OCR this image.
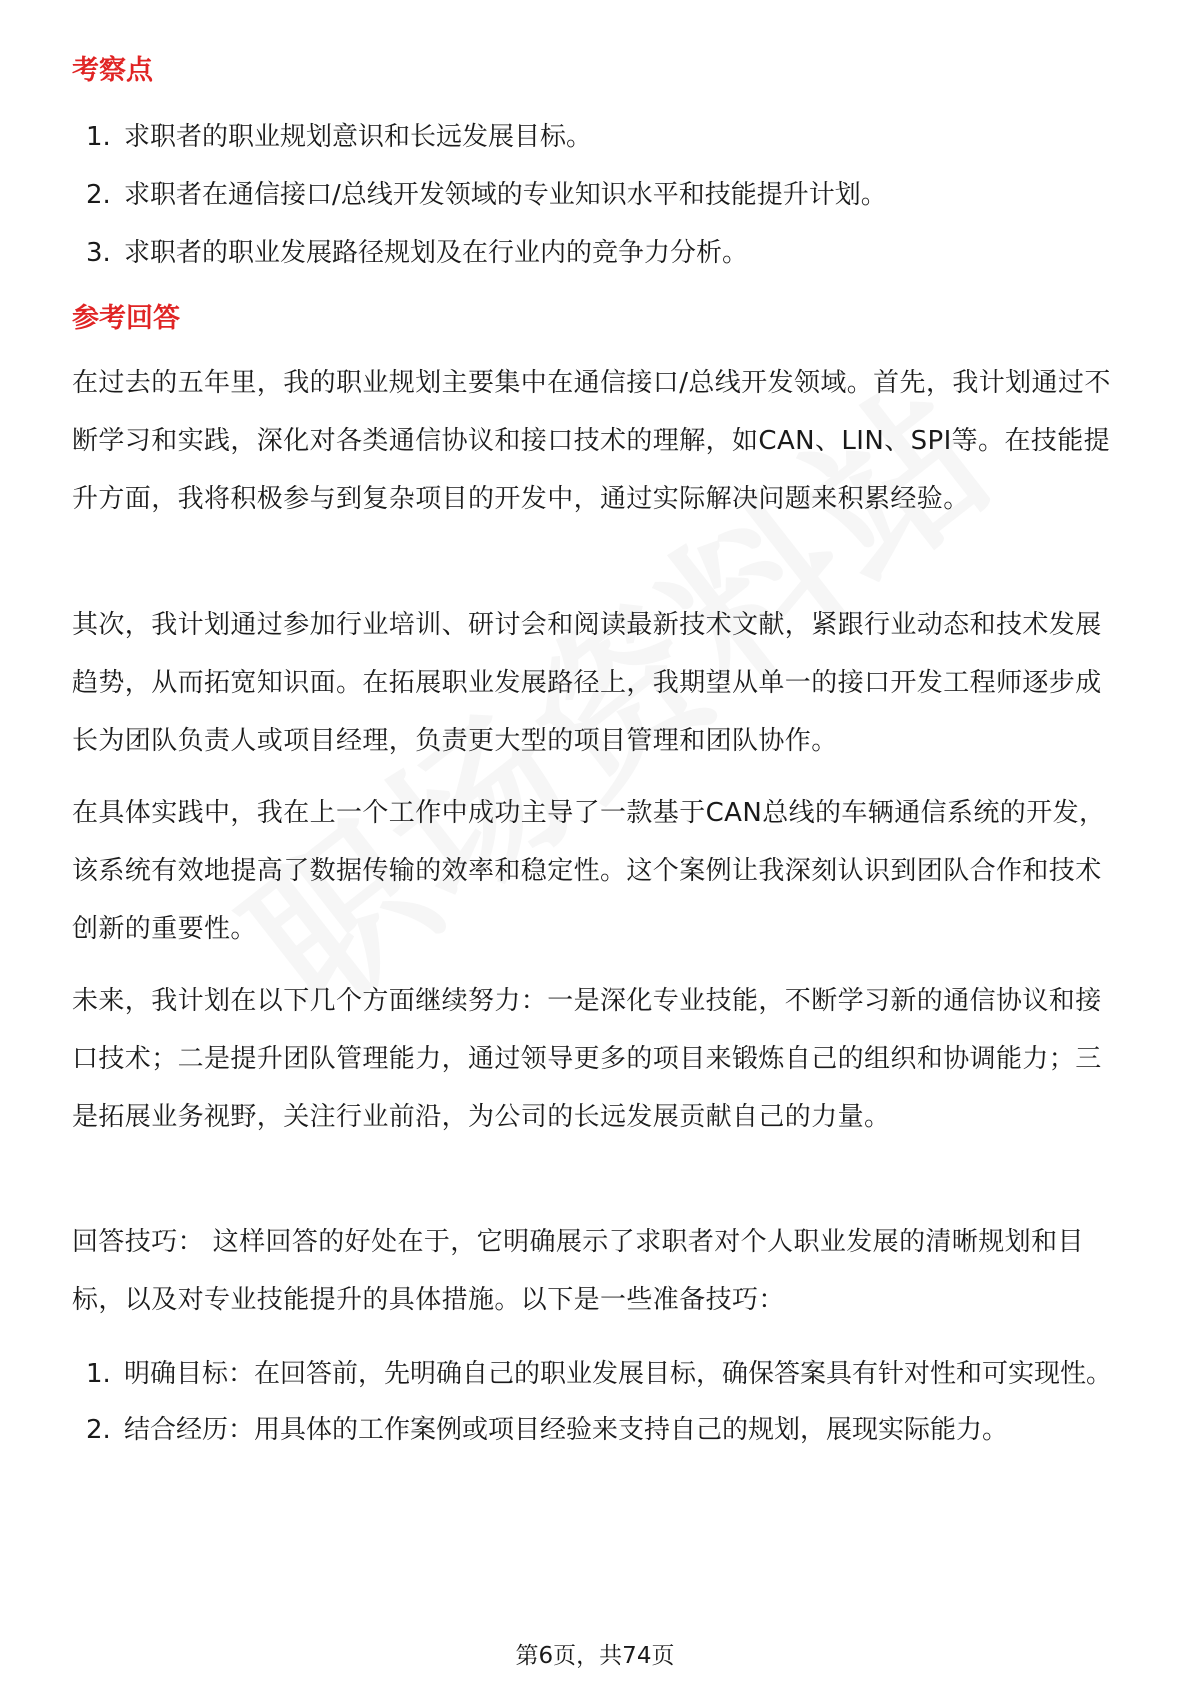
考察点
1. 求职者的职业规划意识和长远发展目标。
2. 求职者在通信接口/总线开发领域的专业知识水平和技能提升计划。
3. 求职者的职业发展路径规划及在行业内的竞争力分析。
参考回答

在过去的五年里，我的职业规划主要集中在通信接口/总线开发领域。首先，我计划通过不断学习和实践，深化对各类通信协议和接口技术的理解，如CAN、LIN、SPI等。在技能提升方面，我将积极参与到复杂项目的开发中，通过实际解决问题来积累经验。

其次，我计划通过参加行业培训、研讨会和阅读最新技术文献，紧跟行业动态和技术发展趋势，从而拓宽知识面。在拓展职业发展路径上，我期望从单一的接口开发工程师逐步成长为团队负责人或项目经理，负责更大型的项目管理和团队协作。

在具体实践中，我在上一个工作中成功主导了一款基于CAN总线的车辆通信系统的开发，该系统有效地提高了数据传输的效率和稳定性。这个案例让我深刻认识到团队合作和技术创新的重要性。

未来，我计划在以下几个方面继续努力：一是深化专业技能，不断学习新的通信协议和接口技术；二是提升团队管理能力，通过领导更多的项目来锻炼自己的组织和协调能力；三是拓展业务视野，关注行业前沿，为公司的长远发展贡献自己的力量。

回答技巧： 这样回答的好处在于，它明确展示了求职者对个人职业发展的清晰规划和目标，以及对专业技能提升的具体措施。以下是一些准备技巧：

1. 明确目标：在回答前，先明确自己的职业发展目标，确保答案具有针对性和可实现性。
2. 结合经历：用具体的工作案例或项目经验来支持自己的规划，展现实际能力。
第6页，共74页
